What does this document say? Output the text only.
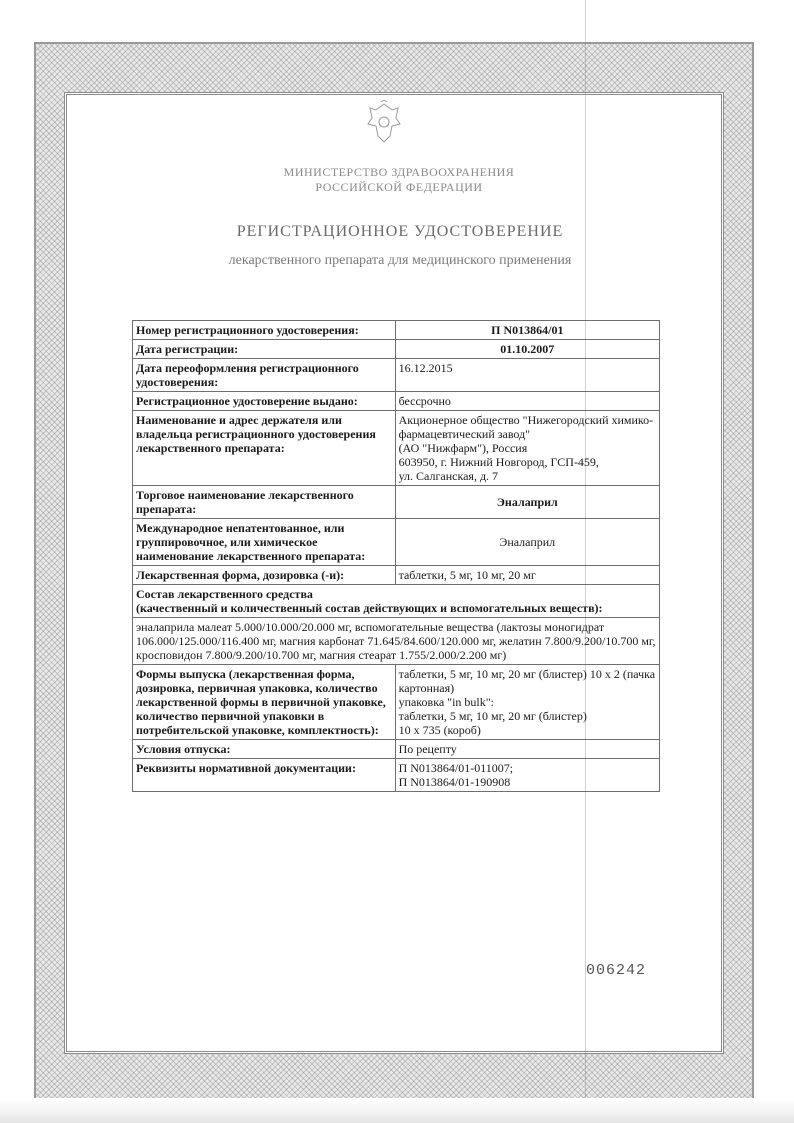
МИНИСТЕРСТВО ЗДРАВООХРАНЕНИЯ
РОССИЙСКОЙ ФЕДЕРАЦИИ
РЕГИСТРАЦИОННОЕ УДОСТОВЕРЕНИЕ
лекарственного препарата для медицинского применения
Номер регистрационного удостоверения:	П N013864/01
Дата регистрации:	01.10.2007
Дата переоформления регистрационного удостоверения:	16.12.2015
Регистрационное удостоверение выдано:	бессрочно
Наименование и адрес держателя или владельца регистрационного удостоверения лекарственного препарата:	Акционерное общество "Нижегородский химико-фармацевтический завод"
(АО "Нижфарм"), Россия
603950, г. Нижний Новгород, ГСП-459,
ул. Салганская, д. 7

Торговое наименование лекарственного препарата:	Эналаприл
Международное непатентованное, или группировочное, или химическое наименование лекарственного препарата:	Эналаприл
Лекарственная форма, дозировка (-и):	таблетки, 5 мг, 10 мг, 20 мг

Состав лекарственного средства
(качественный и количественный состав действующих и вспомогательных веществ):	

эналаприла малеат 5.000/10.000/20.000 мг, вспомогательные вещества (лактозы моногидрат 106.000/125.000/116.400 мг, магния карбонат 71.645/84.600/120.000 мг, желатин 7.800/9.200/10.700 мг, кросповидон 7.800/9.200/10.700 мг, магния стеарат 1.755/2.000/2.200 мг)	
Формы выпуска (лекарственная форма, дозировка, первичная упаковка, количество лекарственной формы в первичной упаковке, количество первичной упаковки в потребительской упаковке, комплектность):	таблетки, 5 мг, 10 мг, 20 мг (блистер) 10 х 2 (пачка картонная)
упаковка "in bulk":
таблетки, 5 мг, 10 мг, 20 мг (блистер)
10 х 735 (короб)

Условия отпуска:	По рецепту
Реквизиты нормативной документации:	П N013864/01-011007;
П N013864/01-190908
006242
